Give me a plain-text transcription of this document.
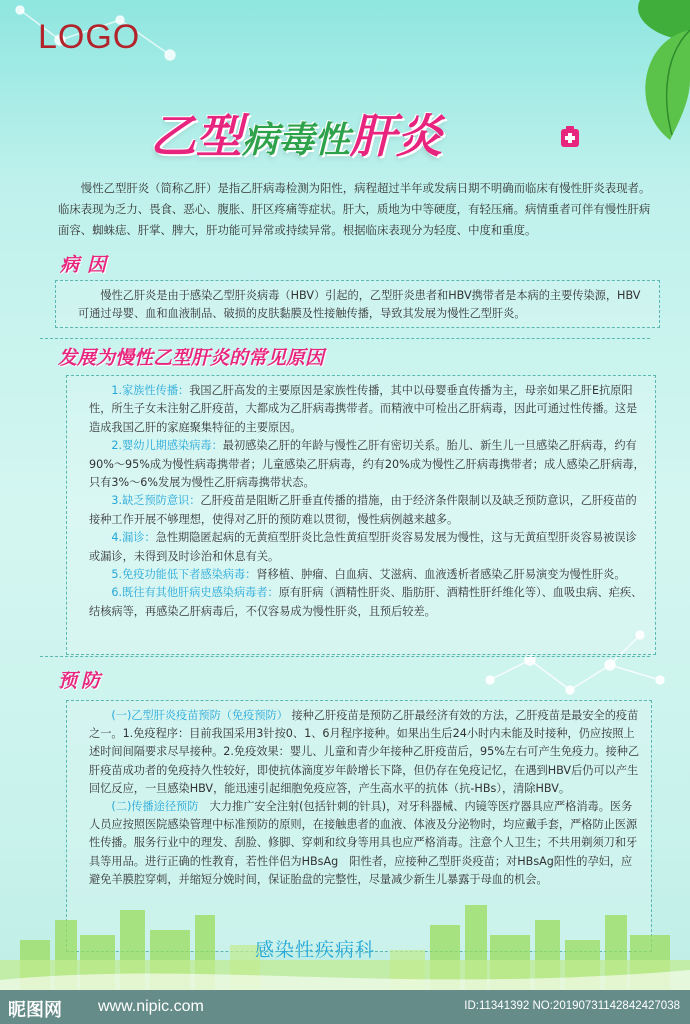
LOGO
乙型病毒性肝炎
慢性乙型肝炎（简称乙肝）是指乙肝病毒检测为阳性，病程超过半年或发病日期不明确而临床有慢性肝炎表现者。临床表现为乏力、畏食、恶心、腹胀、肝区疼痛等症状。肝大，质地为中等硬度，有轻压痛。病情重者可伴有慢性肝病面容、蜘蛛痣、肝掌、脾大，肝功能可异常或持续异常。根据临床表现分为轻度、中度和重度。
病因

慢性乙肝炎是由于感染乙型肝炎病毒（HBV）引起的，乙型肝炎患者和HBV携带者是本病的主要传染源，HBV可通过母婴、血和血液制品、破损的皮肤黏膜及性接触传播，导致其发展为慢性乙型肝炎。

发展为慢性乙型肝炎的常见原因

1.家族性传播：我国乙肝高发的主要原因是家族性传播，其中以母婴垂直传播为主，母亲如果乙肝E抗原阳性，所生子女未注射乙肝疫苗，大都成为乙肝病毒携带者。而精液中可检出乙肝病毒，因此可通过性传播。这是造成我国乙肝的家庭聚集特征的主要原因。

2.婴幼儿期感染病毒：最初感染乙肝的年龄与慢性乙肝有密切关系。胎儿、新生儿一旦感染乙肝病毒，约有90%～95%成为慢性病毒携带者；儿童感染乙肝病毒，约有20%成为慢性乙肝病毒携带者；成人感染乙肝病毒，只有3%～6%发展为慢性乙肝病毒携带状态。

3.缺乏预防意识：乙肝疫苗是阻断乙肝垂直传播的措施，由于经济条件限制以及缺乏预防意识，乙肝疫苗的接种工作开展不够理想，使得对乙肝的预防难以贯彻，慢性病例越来越多。

4.漏诊：急性期隐匿起病的无黄疸型肝炎比急性黄疸型肝炎容易发展为慢性，这与无黄疸型肝炎容易被误诊或漏诊，未得到及时诊治和休息有关。

5.免疫功能低下者感染病毒：肾移植、肿瘤、白血病、艾滋病、血液透析者感染乙肝易演变为慢性肝炎。

6.既往有其他肝病史感染病毒者：原有肝病（酒精性肝炎、脂肪肝、酒精性肝纤维化等）、血吸虫病、疟疾、结核病等，再感染乙肝病毒后，不仅容易成为慢性肝炎，且预后较差。

预防

(一)乙型肝炎疫苗预防（免疫预防） 接种乙肝疫苗是预防乙肝最经济有效的方法，乙肝疫苗是最安全的疫苗之一。1.免疫程序：目前我国采用3针按0、1、6月程序接种。如果出生后24小时内未能及时接种，仍应按照上述时间间隔要求尽早接种。2.免疫效果：婴儿、儿童和青少年接种乙肝疫苗后，95%左右可产生免疫力。接种乙肝疫苗成功者的免疫持久性较好，即使抗体滴度岁年龄增长下降，但仍存在免疫记忆，在遇到HBV后仍可以产生回忆反应，一旦感染HBV，能迅速引起细胞免疫应答，产生高水平的抗体（抗-HBs），清除HBV。

(二)传播途径预防　大力推广安全注射(包括针刺的针具)，对牙科器械、内镜等医疗器具应严格消毒。医务人员应按照医院感染管理中标准预防的原则，在接触患者的血液、体液及分泌物时，均应戴手套，严格防止医源性传播。服务行业中的理发、刮脸、修脚、穿刺和纹身等用具也应严格消毒。注意个人卫生；不共用剃须刀和牙具等用品。进行正确的性教育，若性伴侣为HBsAg　阳性者，应接种乙型肝炎疫苗；对HBsAg阳性的孕妇，应避免羊膜腔穿刺，并缩短分娩时间，保证胎盘的完整性，尽量减少新生儿暴露于母血的机会。

感染性疾病科
昵图网 www.nipic.com	ID:11341392 NO:20190731142842427038
